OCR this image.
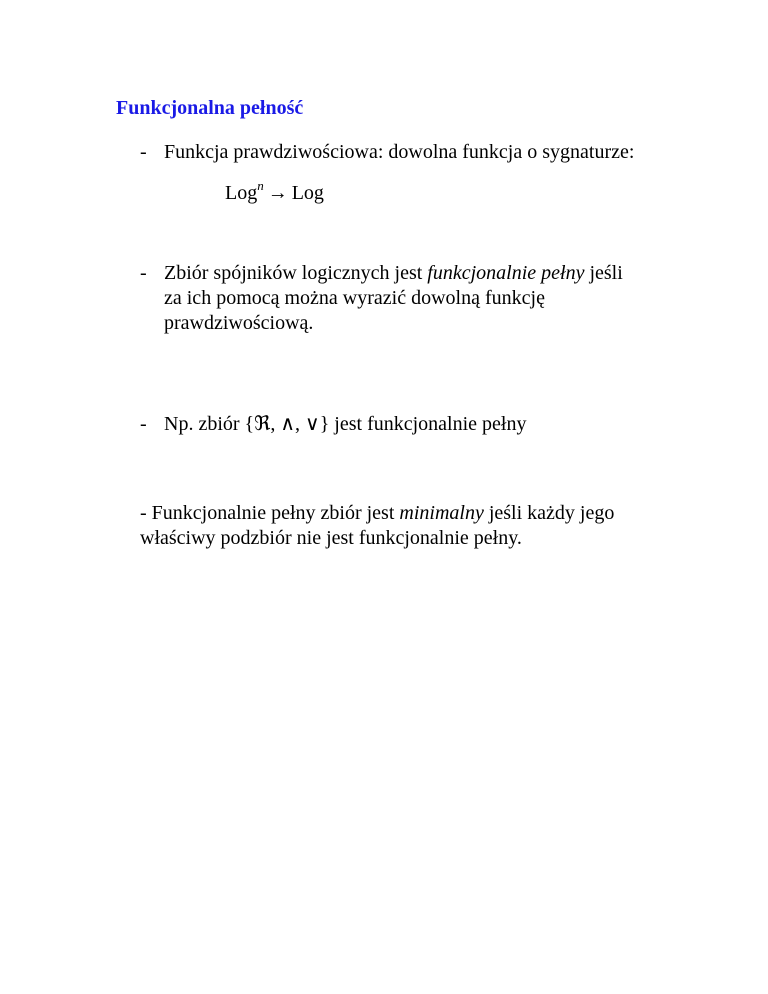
Funkcjonalna pełność
- Funkcja prawdziwościowa: dowolna funkcja o sygnaturze:
Log$^n$ → Log
- Zbiór spójników logicznych jest funkcjonalnie pełny jeśli
za ich pomocą można wyrazić dowolną funkcję
prawdziwościową.
- Np. zbiór {ℜ, ∧, ∨} jest funkcjonalnie pełny

- Funkcjonalnie pełny zbiór jest minimalny jeśli każdy jego
właściwy podzbiór nie jest funkcjonalnie pełny.
